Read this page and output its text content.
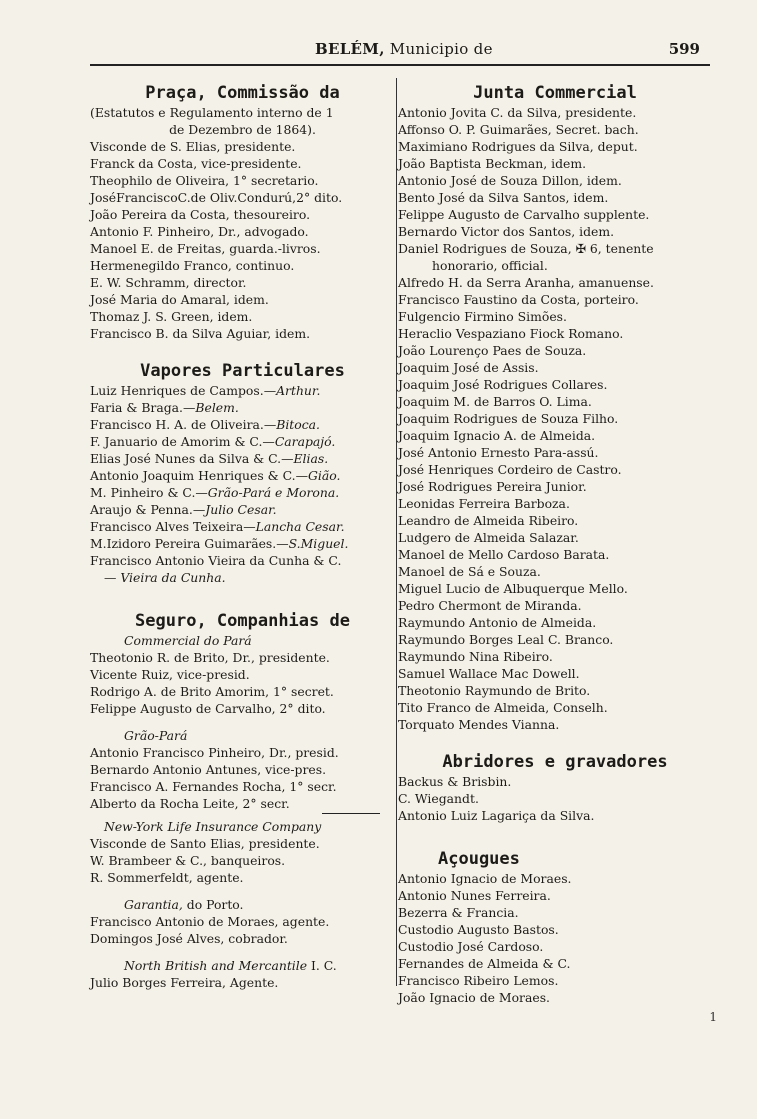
BELÉM, Municipio de	599
Praça, Commissão da

(Estatutos e Regulamento interno de 1

de Dezembro de 1864).

Visconde de S. Elias, presidente.

Franck da Costa, vice-presidente.

Theophilo de Oliveira, 1° secretario.

JoséFranciscoC.de Oliv.Condurú,2° dito.

João Pereira da Costa, thesoureiro.

Antonio F. Pinheiro, Dr., advogado.

Manoel E. de Freitas, guarda.-livros.

Hermenegildo Franco, continuo.

E. W. Schramm, director.

José Maria do Amaral, idem.

Thomaz J. S. Green, idem.

Francisco B. da Silva Aguiar, idem.

Vapores Particulares

Luiz Henriques de Campos.—Arthur.

Faria & Braga.—Belem.

Francisco H. A. de Oliveira.—Bitoca.

F. Januario de Amorim & C.—Carapajó.

Elias José Nunes da Silva & C.—Elias.

Antonio Joaquim Henriques & C.—Gião.

M. Pinheiro & C.—Grão-Pará e Morona.

Araujo & Penna.—Julio Cesar.

Francisco Alves Teixeira—Lancha Cesar.

M.Izidoro Pereira Guimarães.—S.Miguel.

Francisco Antonio Vieira da Cunha & C.

— Vieira da Cunha.

Seguro, Companhias de

Commercial do Pará

Theotonio R. de Brito, Dr., presidente.

Vicente Ruiz, vice-presid.

Rodrigo A. de Brito Amorim, 1° secret.

Felippe Augusto de Carvalho, 2° dito.

Grão-Pará

Antonio Francisco Pinheiro, Dr., presid.

Bernardo Antonio Antunes, vice-pres.

Francisco A. Fernandes Rocha, 1° secr.

Alberto da Rocha Leite, 2° secr.

New-York Life Insurance Company

Visconde de Santo Elias, presidente.

W. Brambeer & C., banqueiros.

R. Sommerfeldt, agente.

Garantia, do Porto.

Francisco Antonio de Moraes, agente.

Domingos José Alves, cobrador.

North British and Mercantile I. C.

Julio Borges Ferreira, Agente.

Junta Commercial

Antonio Jovita C. da Silva, presidente.

Affonso O. P. Guimarães, Secret. bach.

Maximiano Rodrigues da Silva, deput.

João Baptista Beckman, idem.

Antonio José de Souza Dillon, idem.

Bento José da Silva Santos, idem.

Felippe Augusto de Carvalho supplente.

Bernardo Victor dos Santos, idem.

Daniel Rodrigues de Souza, ✠ 6, tenente

honorario, official.

Alfredo H. da Serra Aranha, amanuense.

Francisco Faustino da Costa, porteiro.

Fulgencio Firmino Simões.

Heraclio Vespaziano Fiock Romano.

João Lourenço Paes de Souza.

Joaquim José de Assis.

Joaquim José Rodrigues Collares.

Joaquim M. de Barros O. Lima.

Joaquim Rodrigues de Souza Filho.

Joaquim Ignacio A. de Almeida.

José Antonio Ernesto Para-assú.

José Henriques Cordeiro de Castro.

José Rodrigues Pereira Junior.

Leonidas Ferreira Barboza.

Leandro de Almeida Ribeiro.

Ludgero de Almeida Salazar.

Manoel de Mello Cardoso Barata.

Manoel de Sá e Souza.

Miguel Lucio de Albuquerque Mello.

Pedro Chermont de Miranda.

Raymundo Antonio de Almeida.

Raymundo Borges Leal C. Branco.

Raymundo Nina Ribeiro.

Samuel Wallace Mac Dowell.

Theotonio Raymundo de Brito.

Tito Franco de Almeida, Conselh.

Torquato Mendes Vianna.

Abridores e gravadores

Backus & Brisbin.

C. Wiegandt.

Antonio Luiz Lagariça da Silva.

Açougues

Antonio Ignacio de Moraes.

Antonio Nunes Ferreira.

Bezerra & Francia.

Custodio Augusto Bastos.

Custodio José Cardoso.

Fernandes de Almeida & C.

Francisco Ribeiro Lemos.

João Ignacio de Moraes.

1
